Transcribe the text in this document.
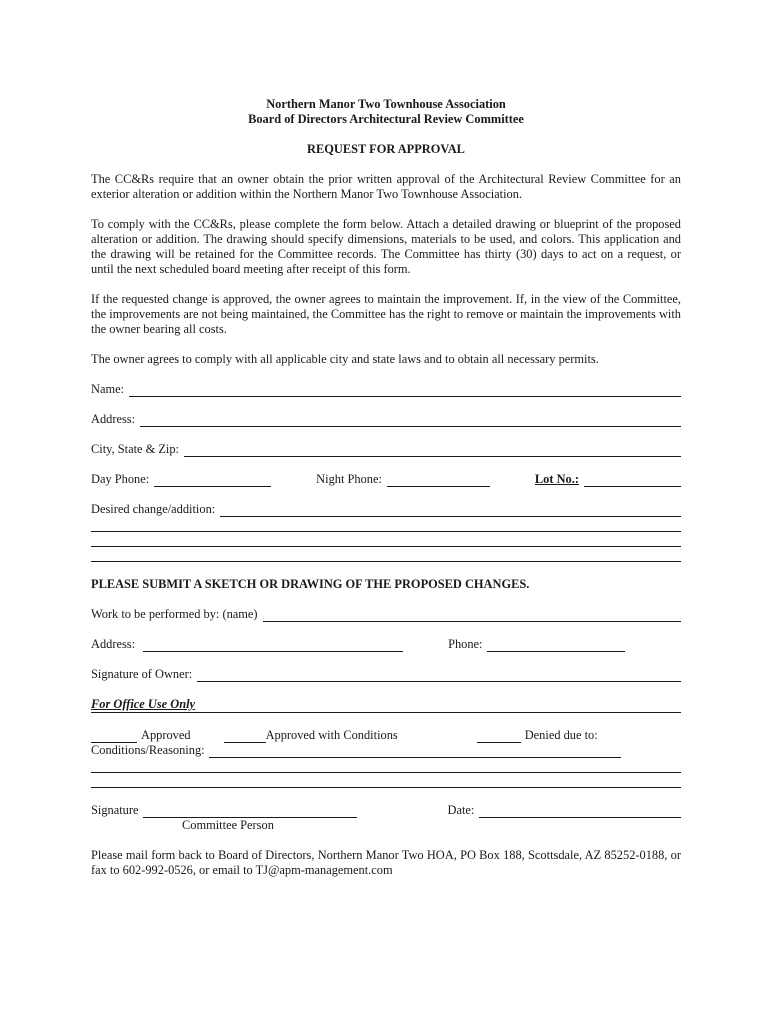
Northern Manor Two Townhouse Association
Board of Directors Architectural Review Committee
REQUEST FOR APPROVAL

The CC&Rs require that an owner obtain the prior written approval of the Architectural Review Committee for an exterior alteration or addition within the Northern Manor Two Townhouse Association.

To comply with the CC&Rs, please complete the form below. Attach a detailed drawing or blueprint of the proposed alteration or addition. The drawing should specify dimensions, materials to be used, and colors. This application and the drawing will be retained for the Committee records. The Committee has thirty (30) days to act on a request, or until the next scheduled board meeting after receipt of this form.

If the requested change is approved, the owner agrees to maintain the improvement. If, in the view of the Committee, the improvements are not being maintained, the Committee has the right to remove or maintain the improvements with the owner bearing all costs.

The owner agrees to comply with all applicable city and state laws and to obtain all necessary permits.

Name:
Address:
City, State & Zip:
Day Phone:	Night Phone:	Lot No.:
Desired change/addition:
PLEASE SUBMIT A SKETCH OR DRAWING OF THE PROPOSED CHANGES.
Work to be performed by: (name)
Address:	Phone:
Signature of Owner:
For Office Use Only
Approved	Approved with Conditions	Denied due to:
Conditions/Reasoning:
Signature	Date:
Committee Person

Please mail form back to Board of Directors, Northern Manor Two HOA, PO Box 188, Scottsdale, AZ 85252-0188, or fax to 602-992-0526, or email to TJ@apm-management.com
